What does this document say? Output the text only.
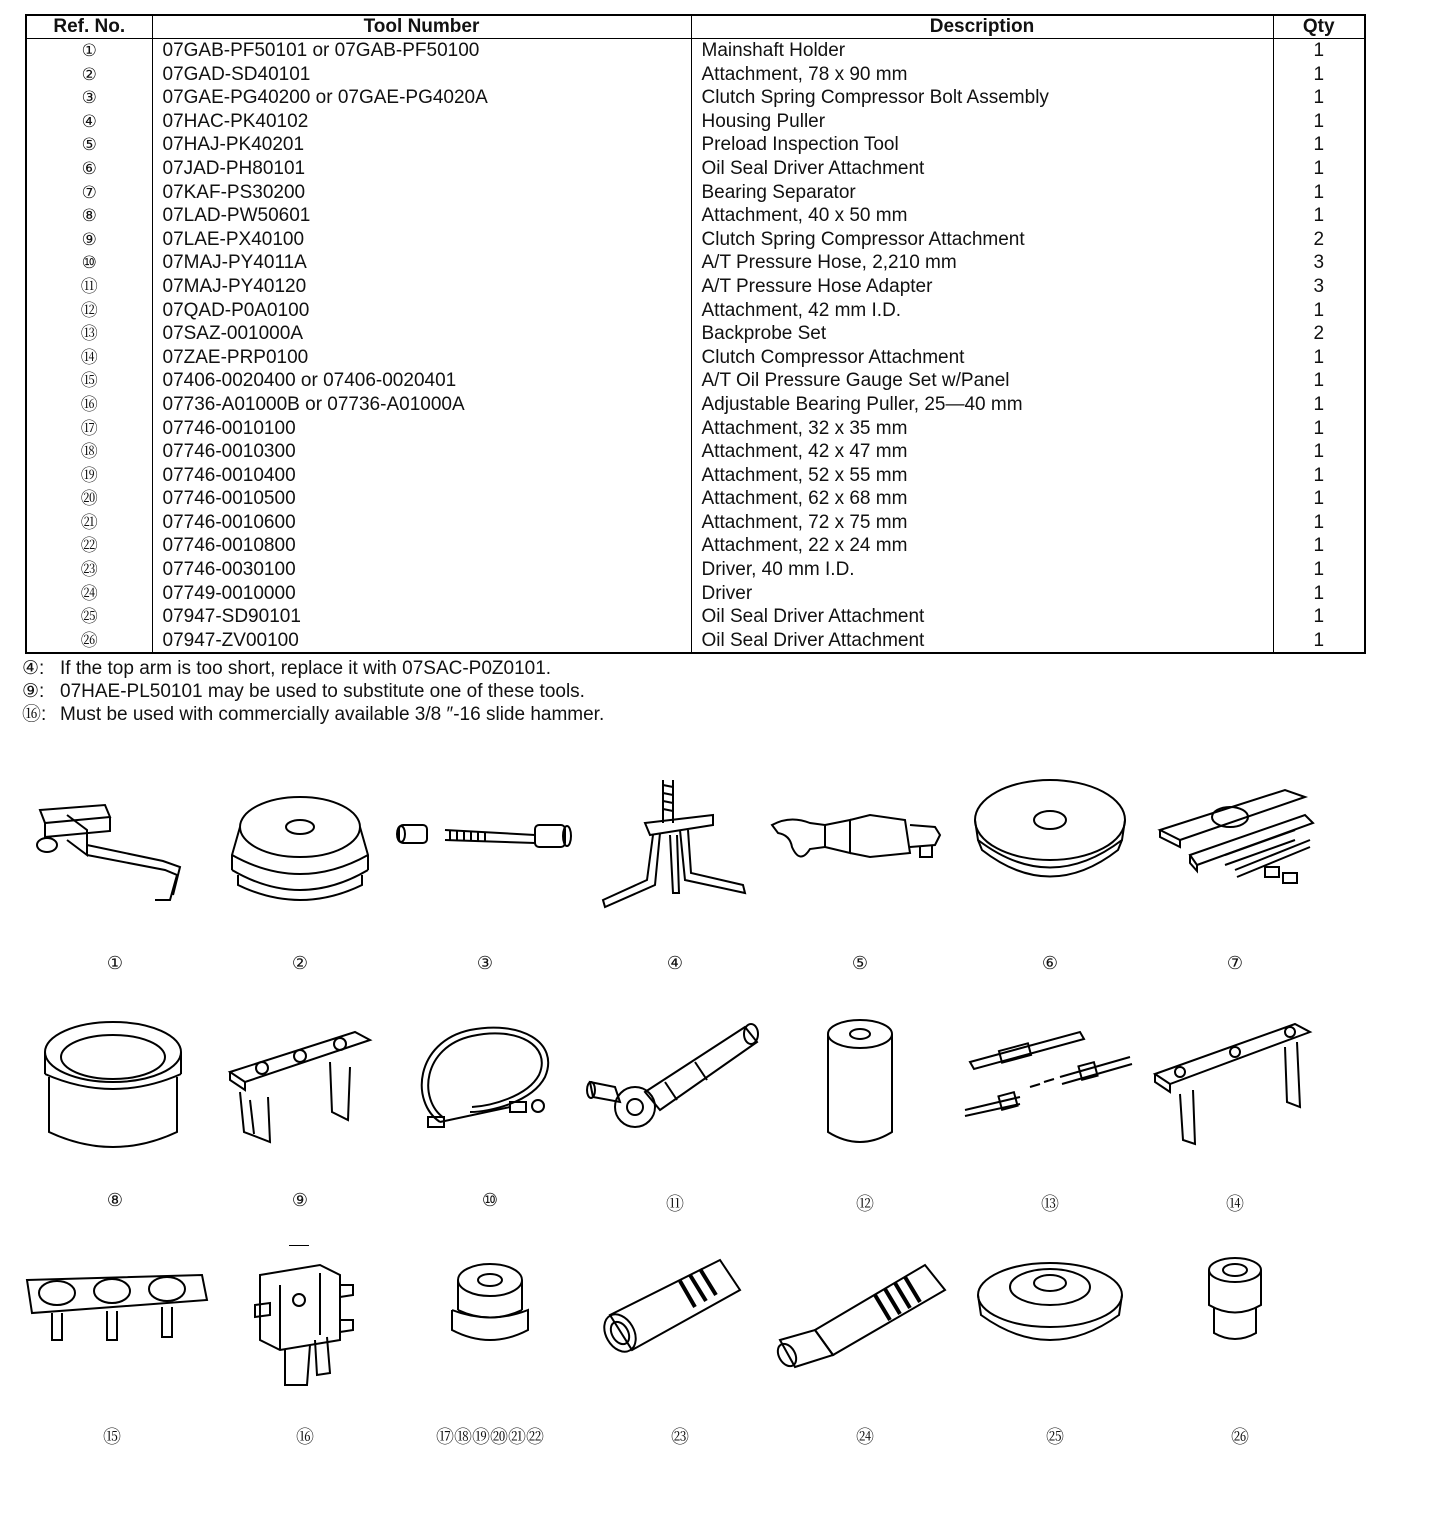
Ref. No.	Tool Number	Description	Qty
①	07GAB-PF50101 or 07GAB-PF50100	Mainshaft Holder	1
②	07GAD-SD40101	Attachment, 78 x 90 mm	1
③	07GAE-PG40200 or 07GAE-PG4020A	Clutch Spring Compressor Bolt Assembly	1
④	07HAC-PK40102	Housing Puller	1
⑤	07HAJ-PK40201	Preload Inspection Tool	1
⑥	07JAD-PH80101	Oil Seal Driver Attachment	1
⑦	07KAF-PS30200	Bearing Separator	1
⑧	07LAD-PW50601	Attachment, 40 x 50 mm	1
⑨	07LAE-PX40100	Clutch Spring Compressor Attachment	2
⑩	07MAJ-PY4011A	A/T Pressure Hose, 2,210 mm	3
⑪	07MAJ-PY40120	A/T Pressure Hose Adapter	3
⑫	07QAD-P0A0100	Attachment, 42 mm I.D.	1
⑬	07SAZ-001000A	Backprobe Set	2
⑭	07ZAE-PRP0100	Clutch Compressor Attachment	1
⑮	07406-0020400 or 07406-0020401	A/T Oil Pressure Gauge Set w/Panel	1
⑯	07736-A01000B or 07736-A01000A	Adjustable Bearing Puller, 25—40 mm	1
⑰	07746-0010100	Attachment, 32 x 35 mm	1
⑱	07746-0010300	Attachment, 42 x 47 mm	1
⑲	07746-0010400	Attachment, 52 x 55 mm	1
⑳	07746-0010500	Attachment, 62 x 68 mm	1
㉑	07746-0010600	Attachment, 72 x 75 mm	1
㉒	07746-0010800	Attachment, 22 x 24 mm	1
㉓	07746-0030100	Driver, 40 mm I.D.	1
㉔	07749-0010000	Driver	1
㉕	07947-SD90101	Oil Seal Driver Attachment	1
㉖	07947-ZV00100	Oil Seal Driver Attachment	1
④: If the top arm is too short, replace it with 07SAC-P0Z0101.
⑨: 07HAE-PL50101 may be used to substitute one of these tools.
⑯: Must be used with commercially available 3/8 ″-16 slide hammer.
①	②	③	④	⑤	⑥	⑦
⑧	⑨	⑩	⑪	⑫	⑬	⑭
⑮	⑯	⑰⑱⑲⑳㉑㉒	㉓	㉔	㉕	㉖
